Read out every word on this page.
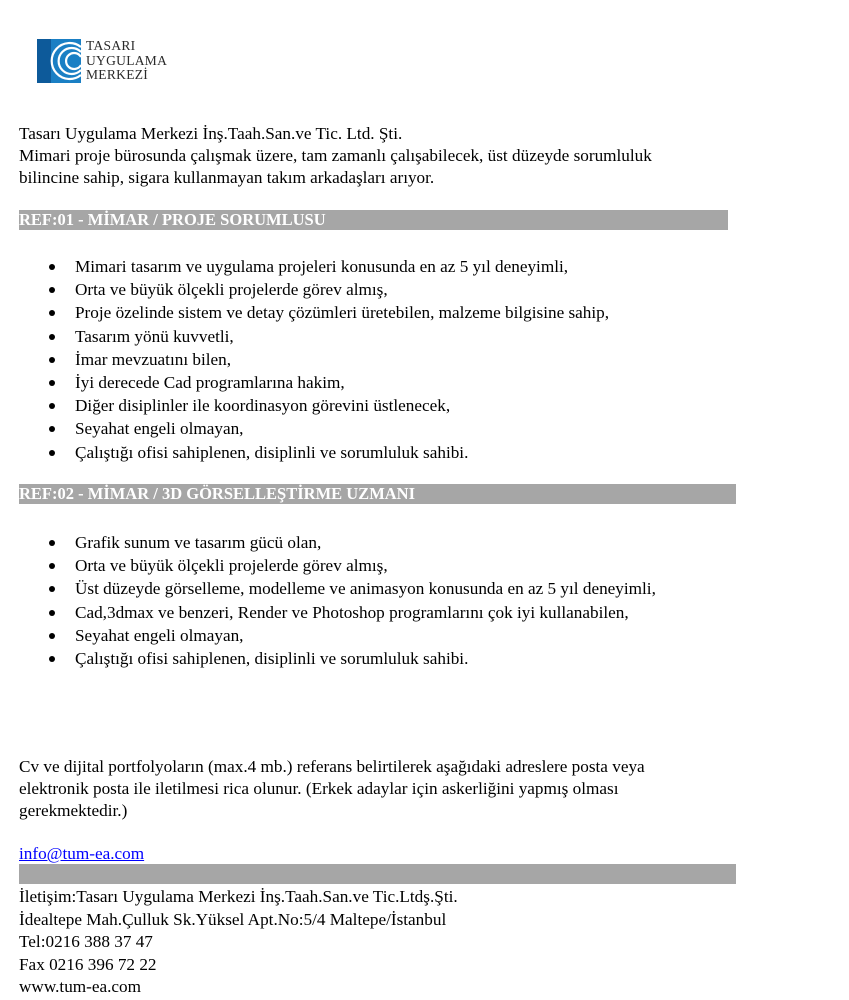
TASARI
UYGULAMA
MERKEZİ
Tasarı Uygulama Merkezi İnş.Taah.San.ve Tic. Ltd. Şti.
Mimari proje bürosunda çalışmak üzere, tam zamanlı çalışabilecek, üst düzeyde sorumluluk
bilincine sahip, sigara kullanmayan takım arkadaşları arıyor.
REF:01 - MİMAR / PROJE SORUMLUSU
Mimari tasarım ve uygulama projeleri konusunda en az 5 yıl deneyimli,
Orta ve büyük ölçekli projelerde görev almış,
Proje özelinde sistem ve detay çözümleri üretebilen, malzeme bilgisine sahip,
Tasarım yönü kuvvetli,
İmar mevzuatını bilen,
İyi derecede Cad programlarına hakim,
Diğer disiplinler ile koordinasyon görevini üstlenecek,
Seyahat engeli olmayan,
Çalıştığı ofisi sahiplenen, disiplinli ve sorumluluk sahibi.
REF:02 - MİMAR / 3D GÖRSELLEŞTİRME UZMANI
Grafik sunum ve tasarım gücü olan,
Orta ve büyük ölçekli projelerde görev almış,
Üst düzeyde görselleme, modelleme ve animasyon konusunda en az 5 yıl deneyimli,
Cad,3dmax ve benzeri, Render ve Photoshop programlarını çok iyi kullanabilen,
Seyahat engeli olmayan,
Çalıştığı ofisi sahiplenen, disiplinli ve sorumluluk sahibi.
Cv ve dijital portfolyoların (max.4 mb.) referans belirtilerek aşağıdaki adreslere posta veya
elektronik posta ile iletilmesi rica olunur. (Erkek adaylar için askerliğini yapmış olması
gerekmektedir.)
info@tum-ea.com
İletişim:Tasarı Uygulama Merkezi İnş.Taah.San.ve Tic.Ltdş.Şti.
İdealtepe Mah.Çulluk Sk.Yüksel Apt.No:5/4 Maltepe/İstanbul
Tel:0216 388 37 47
Fax 0216 396 72 22
www.tum-ea.com
